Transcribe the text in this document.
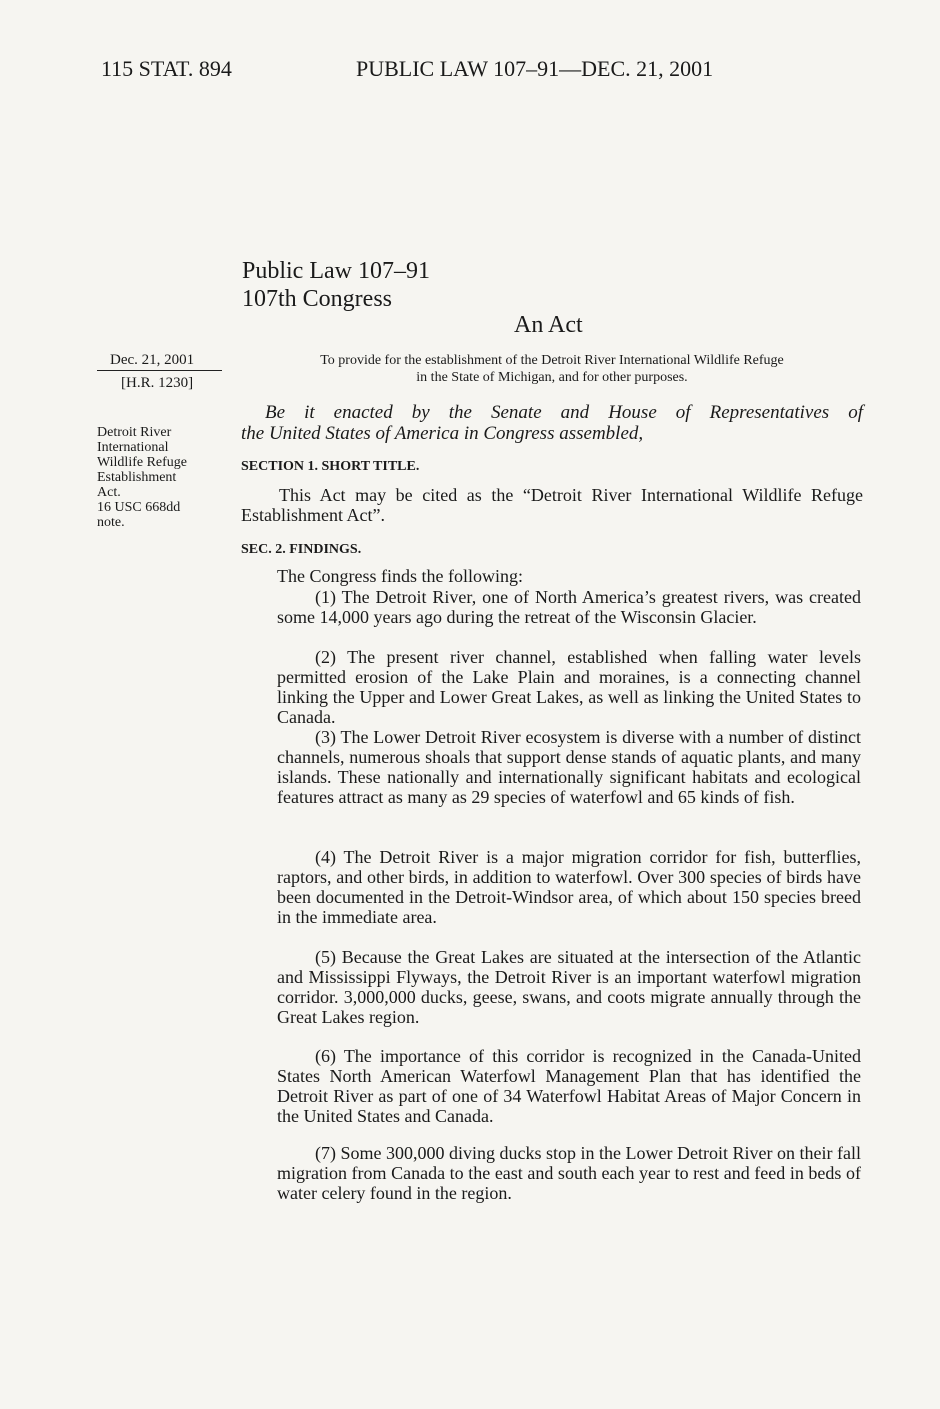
115 STAT. 894	PUBLIC LAW 107–91—DEC. 21, 2001
Public Law 107–91
107th Congress
An Act
Dec. 21, 2001
[H.R. 1230]
Detroit River
International
Wildlife Refuge
Establishment
Act.
16 USC 668dd
note.
To provide for the establishment of the Detroit River International Wildlife Refuge
in the State of Michigan, and for other purposes.
Be it enacted by the Senate and House of Representatives of
the United States of America in Congress assembled,
SECTION 1. SHORT TITLE.
This Act may be cited as the “Detroit River International Wildlife Refuge Establishment Act”.
SEC. 2. FINDINGS.
The Congress finds the following:
(1) The Detroit River, one of North America’s greatest rivers, was created some 14,000 years ago during the retreat of the Wisconsin Glacier.
(2) The present river channel, established when falling water levels permitted erosion of the Lake Plain and moraines, is a connecting channel linking the Upper and Lower Great Lakes, as well as linking the United States to Canada.
(3) The Lower Detroit River ecosystem is diverse with a number of distinct channels, numerous shoals that support dense stands of aquatic plants, and many islands. These nationally and internationally significant habitats and ecological features attract as many as 29 species of waterfowl and 65 kinds of fish.
(4) The Detroit River is a major migration corridor for fish, butterflies, raptors, and other birds, in addition to waterfowl. Over 300 species of birds have been documented in the Detroit-Windsor area, of which about 150 species breed in the immediate area.
(5) Because the Great Lakes are situated at the intersection of the Atlantic and Mississippi Flyways, the Detroit River is an important waterfowl migration corridor. 3,000,000 ducks, geese, swans, and coots migrate annually through the Great Lakes region.
(6) The importance of this corridor is recognized in the Canada-United States North American Waterfowl Management Plan that has identified the Detroit River as part of one of 34 Waterfowl Habitat Areas of Major Concern in the United States and Canada.
(7) Some 300,000 diving ducks stop in the Lower Detroit River on their fall migration from Canada to the east and south each year to rest and feed in beds of water celery found in the region.
